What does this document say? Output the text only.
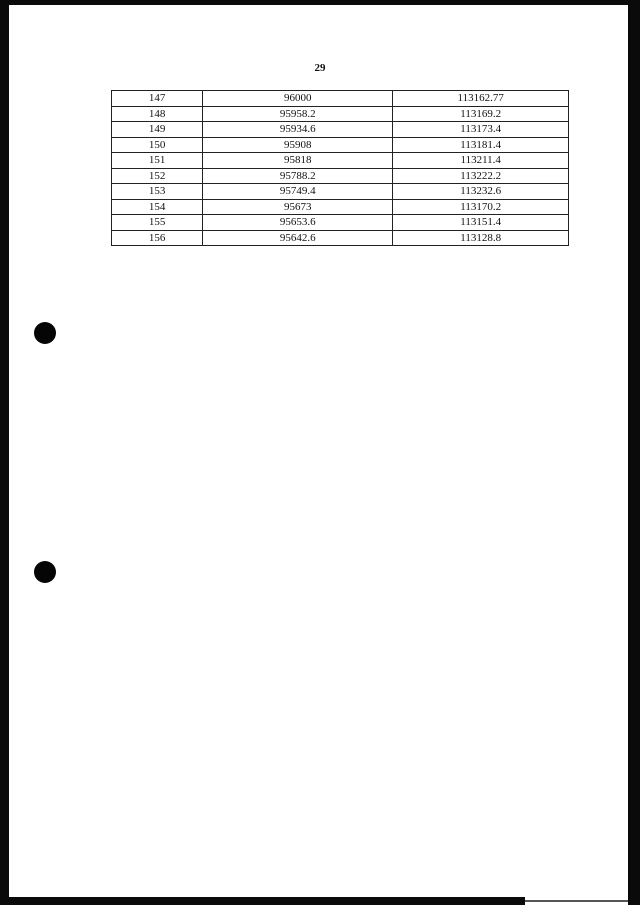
29
147	96000	113162.77
148	95958.2	113169.2
149	95934.6	113173.4
150	95908	113181.4
151	95818	113211.4
152	95788.2	113222.2
153	95749.4	113232.6
154	95673	113170.2
155	95653.6	113151.4
156	95642.6	113128.8
